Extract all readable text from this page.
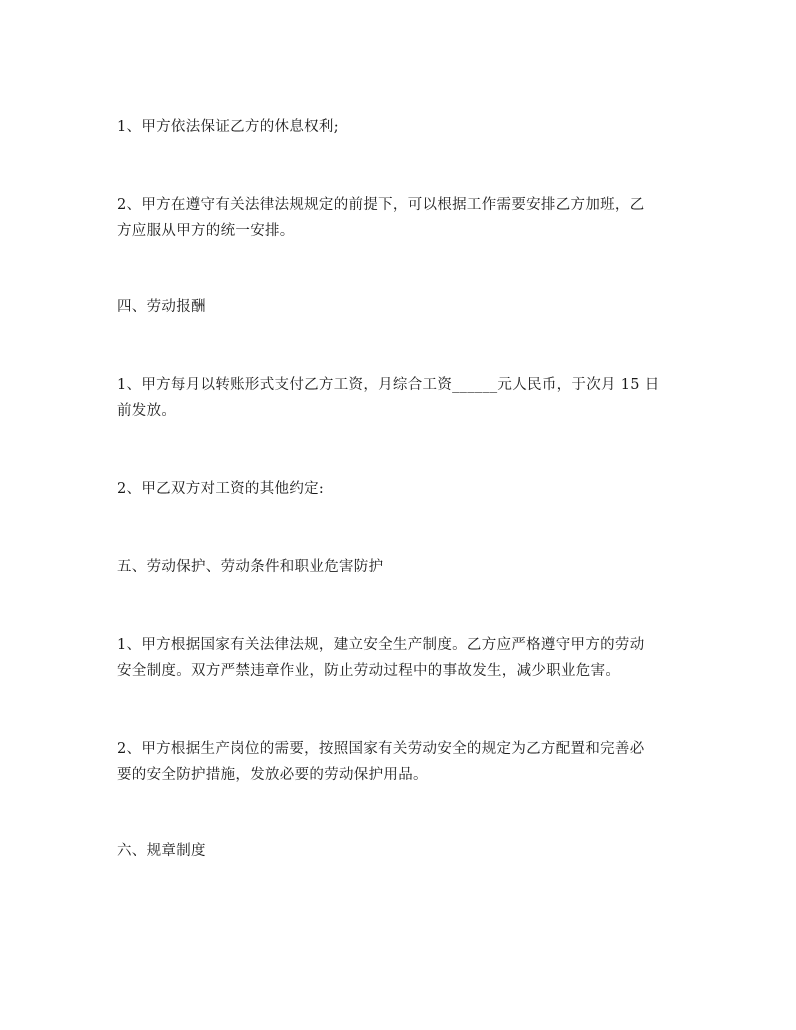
1、甲方依法保证乙方的休息权利;

2、甲方在遵守有关法律法规规定的前提下，可以根据工作需要安排乙方加班，乙
方应服从甲方的统一安排。

四、劳动报酬

1、甲方每月以转账形式支付乙方工资，月综合工资______元人民币，于次月 15 日
前发放。

2、甲乙双方对工资的其他约定:

五、劳动保护、劳动条件和职业危害防护

1、甲方根据国家有关法律法规，建立安全生产制度。乙方应严格遵守甲方的劳动
安全制度。双方严禁违章作业，防止劳动过程中的事故发生，减少职业危害。

2、甲方根据生产岗位的需要，按照国家有关劳动安全的规定为乙方配置和完善必
要的安全防护措施，发放必要的劳动保护用品。

六、规章制度
